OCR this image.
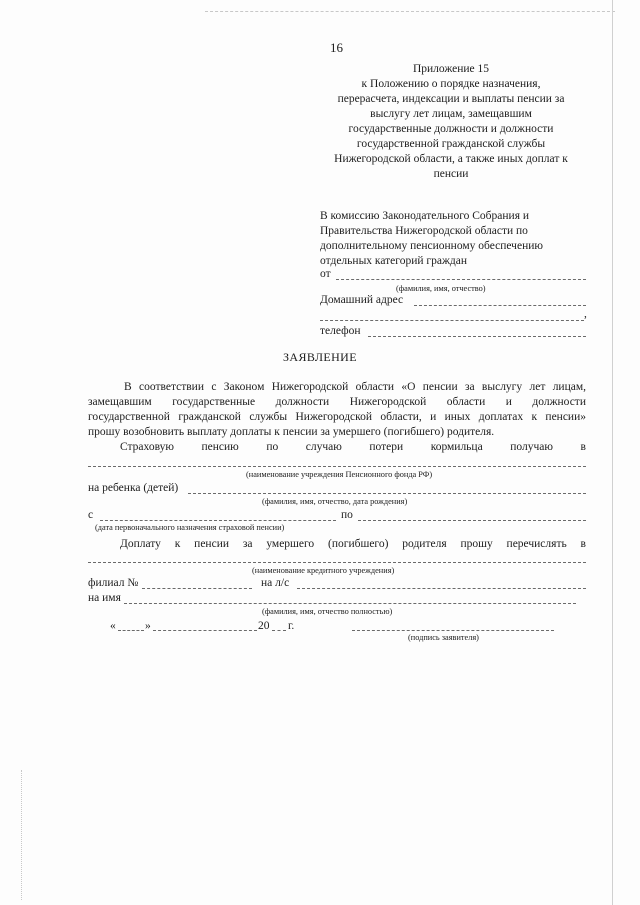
16
Приложение 15
к Положению о порядке назначения,
перерасчета, индексации и выплаты пенсии за
выслугу лет лицам, замещавшим
государственные должности и должности
государственной гражданской службы
Нижегородской области, а также иных доплат к
пенсии
В комиссию Законодательного Собрания и
Правительства Нижегородской области по
дополнительному пенсионному обеспечению
отдельных категорий граждан
от
(фамилия, имя, отчество)
Домашний адрес
,
телефон
ЗАЯВЛЕНИЕ
В соответствии с Законом Нижегородской области «О пенсии за выслугу лет лицам,
замещавшим государственные должности Нижегородской области и должности
государственной гражданской службы Нижегородской области, и иных доплатах к пенсии»
прошу возобновить выплату доплаты к пенсии за умершего (погибшего) родителя.
Страховую пенсию по случаю потери кормильца получаю в
(наименование учреждения Пенсионного фонда РФ)
на ребенка (детей)
(фамилия, имя, отчество, дата рождения)
с	по
(дата первоначального назначения страховой пенсии)
Доплату к пенсии за умершего (погибшего) родителя прошу перечислять в
(наименование кредитного учреждения)
филиал №	на л/с
на имя
(фамилия, имя, отчество полностью)
«	»	20 г.
(подпись заявителя)
